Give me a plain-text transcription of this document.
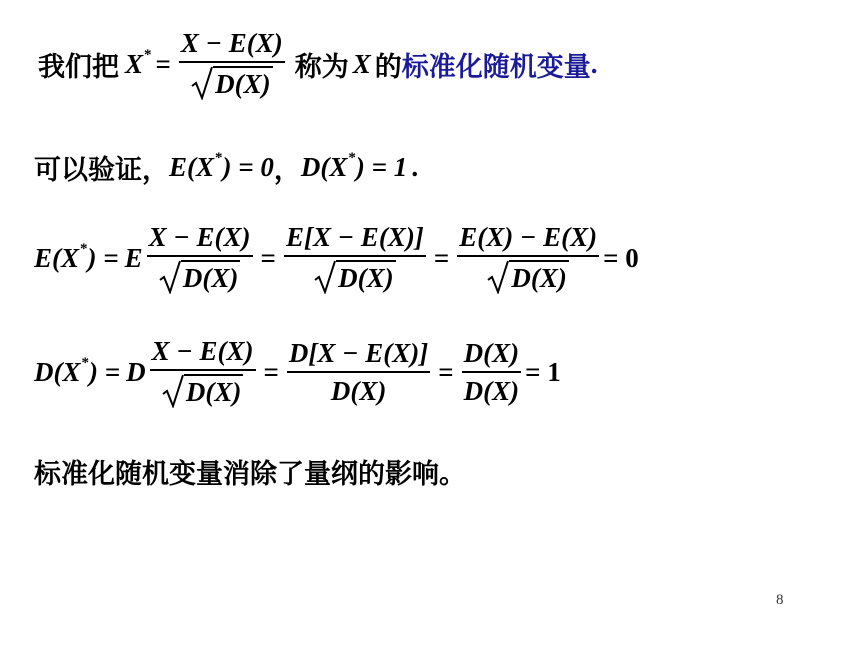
我们把 $X^* = \frac{X - E(X)}{D(X)}$ 称为 X 的 标准化随机变量 .
可以验证， E(X*) = 0 ， D(X*) = 1 .
E(X*) = E $\frac{X - E(X)}{D(X)} = \frac{E[X - E(X)]}{D(X)} = \frac{E(X) - E(X)}{D(X)} = 0$
D(X*) = D $\frac{X - E(X)}{D(X)} = \frac{D[X - E(X)]}{D(X)} = \frac{D(X)}{D(X)} = 1$
标准化随机变量消除了量纲的影响。
8
